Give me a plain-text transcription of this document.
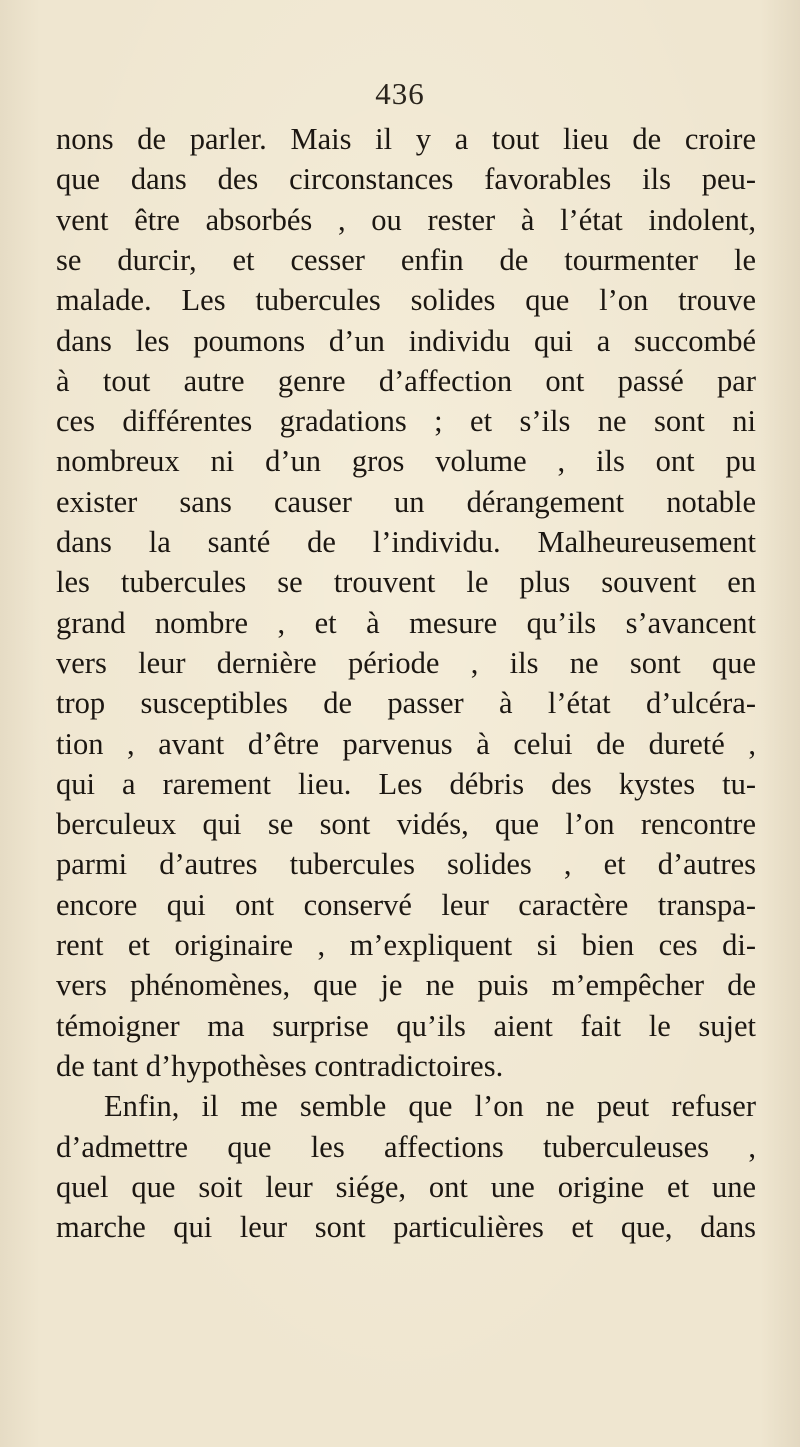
436
nons de parler. Mais il y a tout lieu de croire
que dans des circonstances favorables ils peu-
vent être absorbés , ou rester à l’état indolent,
se durcir, et cesser enfin de tourmenter le
malade. Les tubercules solides que l’on trouve
dans les poumons d’un individu qui a succombé
à tout autre genre d’affection ont passé par
ces différentes gradations ; et s’ils ne sont ni
nombreux ni d’un gros volume , ils ont pu
exister sans causer un dérangement notable
dans la santé de l’individu. Malheureusement
les tubercules se trouvent le plus souvent en
grand nombre , et à mesure qu’ils s’avancent
vers leur dernière période , ils ne sont que
trop susceptibles de passer à l’état d’ulcéra-
tion , avant d’être parvenus à celui de dureté ,
qui a rarement lieu. Les débris des kystes tu-
berculeux qui se sont vidés, que l’on rencontre
parmi d’autres tubercules solides , et d’autres
encore qui ont conservé leur caractère transpa-
rent et originaire , m’expliquent si bien ces di-
vers phénomènes, que je ne puis m’empêcher de
témoigner ma surprise qu’ils aient fait le sujet
de tant d’hypothèses contradictoires.
Enfin, il me semble que l’on ne peut refuser
d’admettre que les affections tuberculeuses ,
quel que soit leur siége, ont une origine et une
marche qui leur sont particulières et que, dans
